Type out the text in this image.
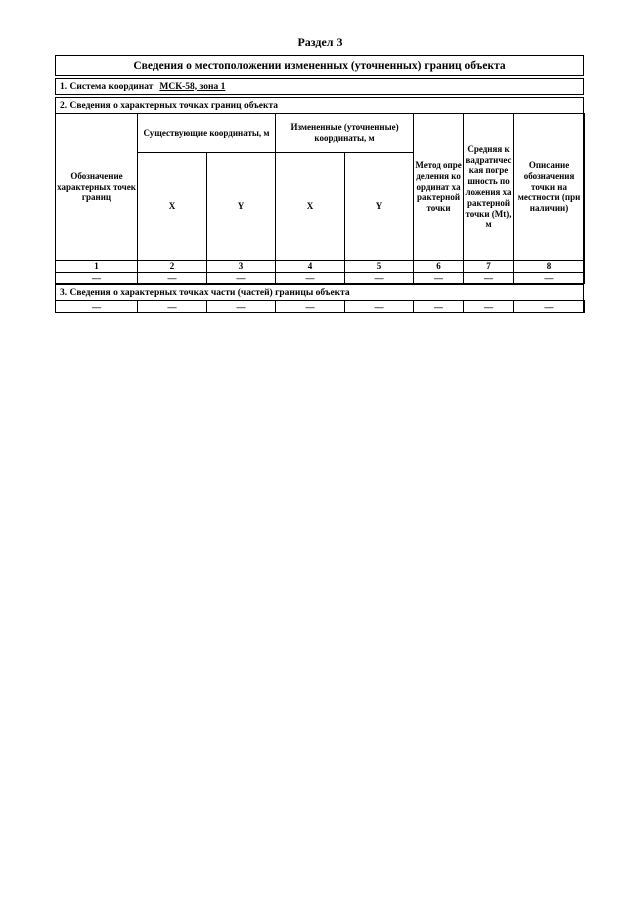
Раздел 3
Сведения о местоположении измененных (уточненных) границ объекта
1. Система координат МСК-58, зона 1
2. Сведения о характерных точках границ объекта
Обозначение характерных точек границ	Существующие координаты, м		Измененные (уточненные) координаты, м		Метод определения координат характерной точки	Средняя квадратическая погрешность положения характерной точки (Mt), м	Описание обозначения точки на местности (при наличии)
	X	Y	X	Y			
1	2	3	4	5	6	7	8
—	—	—	—	—	—	—	—
3. Сведения о характерных точках части (частей) границы объекта
—	—	—	—	—	—	—	—
